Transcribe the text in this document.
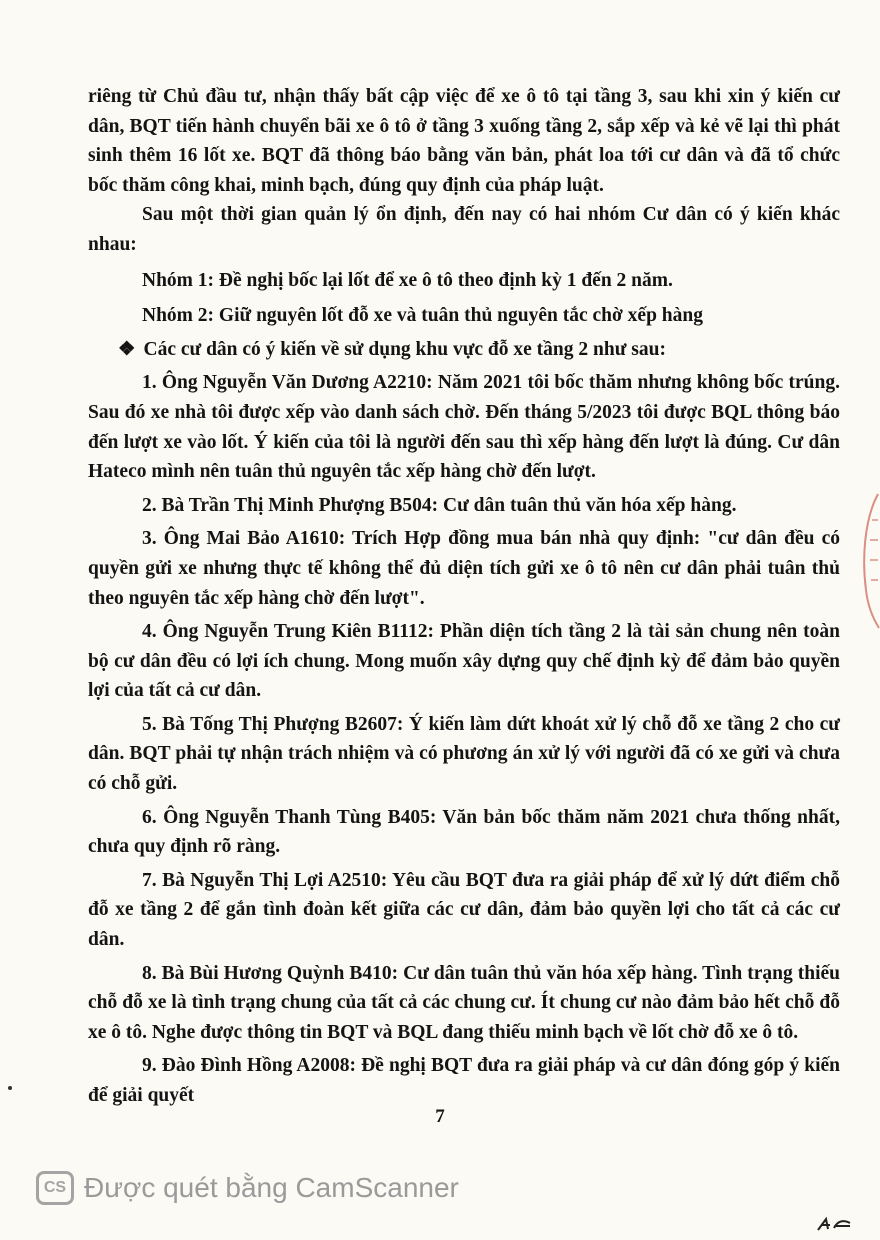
riêng từ Chủ đầu tư, nhận thấy bất cập việc để xe ô tô tại tầng 3, sau khi xin ý kiến cư dân, BQT tiến hành chuyển bãi xe ô tô ở tầng 3 xuống tầng 2, sắp xếp và kẻ vẽ lại thì phát sinh thêm 16 lốt xe. BQT đã thông báo bằng văn bản, phát loa tới cư dân và đã tổ chức bốc thăm công khai, minh bạch, đúng quy định của pháp luật.

Sau một thời gian quản lý ổn định, đến nay có hai nhóm Cư dân có ý kiến khác nhau:

Nhóm 1: Đề nghị bốc lại lốt để xe ô tô theo định kỳ 1 đến 2 năm.

Nhóm 2: Giữ nguyên lốt đỗ xe và tuân thủ nguyên tắc chờ xếp hàng

❖ Các cư dân có ý kiến về sử dụng khu vực đỗ xe tầng 2 như sau:

1. Ông Nguyễn Văn Dương A2210: Năm 2021 tôi bốc thăm nhưng không bốc trúng. Sau đó xe nhà tôi được xếp vào danh sách chờ. Đến tháng 5/2023 tôi được BQL thông báo đến lượt xe vào lốt. Ý kiến của tôi là người đến sau thì xếp hàng đến lượt là đúng. Cư dân Hateco mình nên tuân thủ nguyên tắc xếp hàng chờ đến lượt.

2. Bà Trần Thị Minh Phượng B504: Cư dân tuân thủ văn hóa xếp hàng.

3. Ông Mai Bảo A1610: Trích Hợp đồng mua bán nhà quy định: "cư dân đều có quyền gửi xe nhưng thực tế không thể đủ diện tích gửi xe ô tô nên cư dân phải tuân thủ theo nguyên tắc xếp hàng chờ đến lượt".

4. Ông Nguyễn Trung Kiên B1112: Phần diện tích tầng 2 là tài sản chung nên toàn bộ cư dân đều có lợi ích chung. Mong muốn xây dựng quy chế định kỳ để đảm bảo quyền lợi của tất cả cư dân.

5. Bà Tống Thị Phượng B2607: Ý kiến làm dứt khoát xử lý chỗ đỗ xe tầng 2 cho cư dân. BQT phải tự nhận trách nhiệm và có phương án xử lý với người đã có xe gửi và chưa có chỗ gửi.

6. Ông Nguyễn Thanh Tùng B405: Văn bản bốc thăm năm 2021 chưa thống nhất, chưa quy định rõ ràng.

7. Bà Nguyễn Thị Lợi A2510: Yêu cầu BQT đưa ra giải pháp để xử lý dứt điểm chỗ đỗ xe tầng 2 để gắn tình đoàn kết giữa các cư dân, đảm bảo quyền lợi cho tất cả các cư dân.

8. Bà Bùi Hương Quỳnh B410: Cư dân tuân thủ văn hóa xếp hàng. Tình trạng thiếu chỗ đỗ xe là tình trạng chung của tất cả các chung cư. Ít chung cư nào đảm bảo hết chỗ đỗ xe ô tô. Nghe được thông tin BQT và BQL đang thiếu minh bạch về lốt chờ đỗ xe ô tô.

9. Đào Đình Hồng A2008: Đề nghị BQT đưa ra giải pháp và cư dân đóng góp ý kiến để giải quyết

7
CS Được quét bằng CamScanner
